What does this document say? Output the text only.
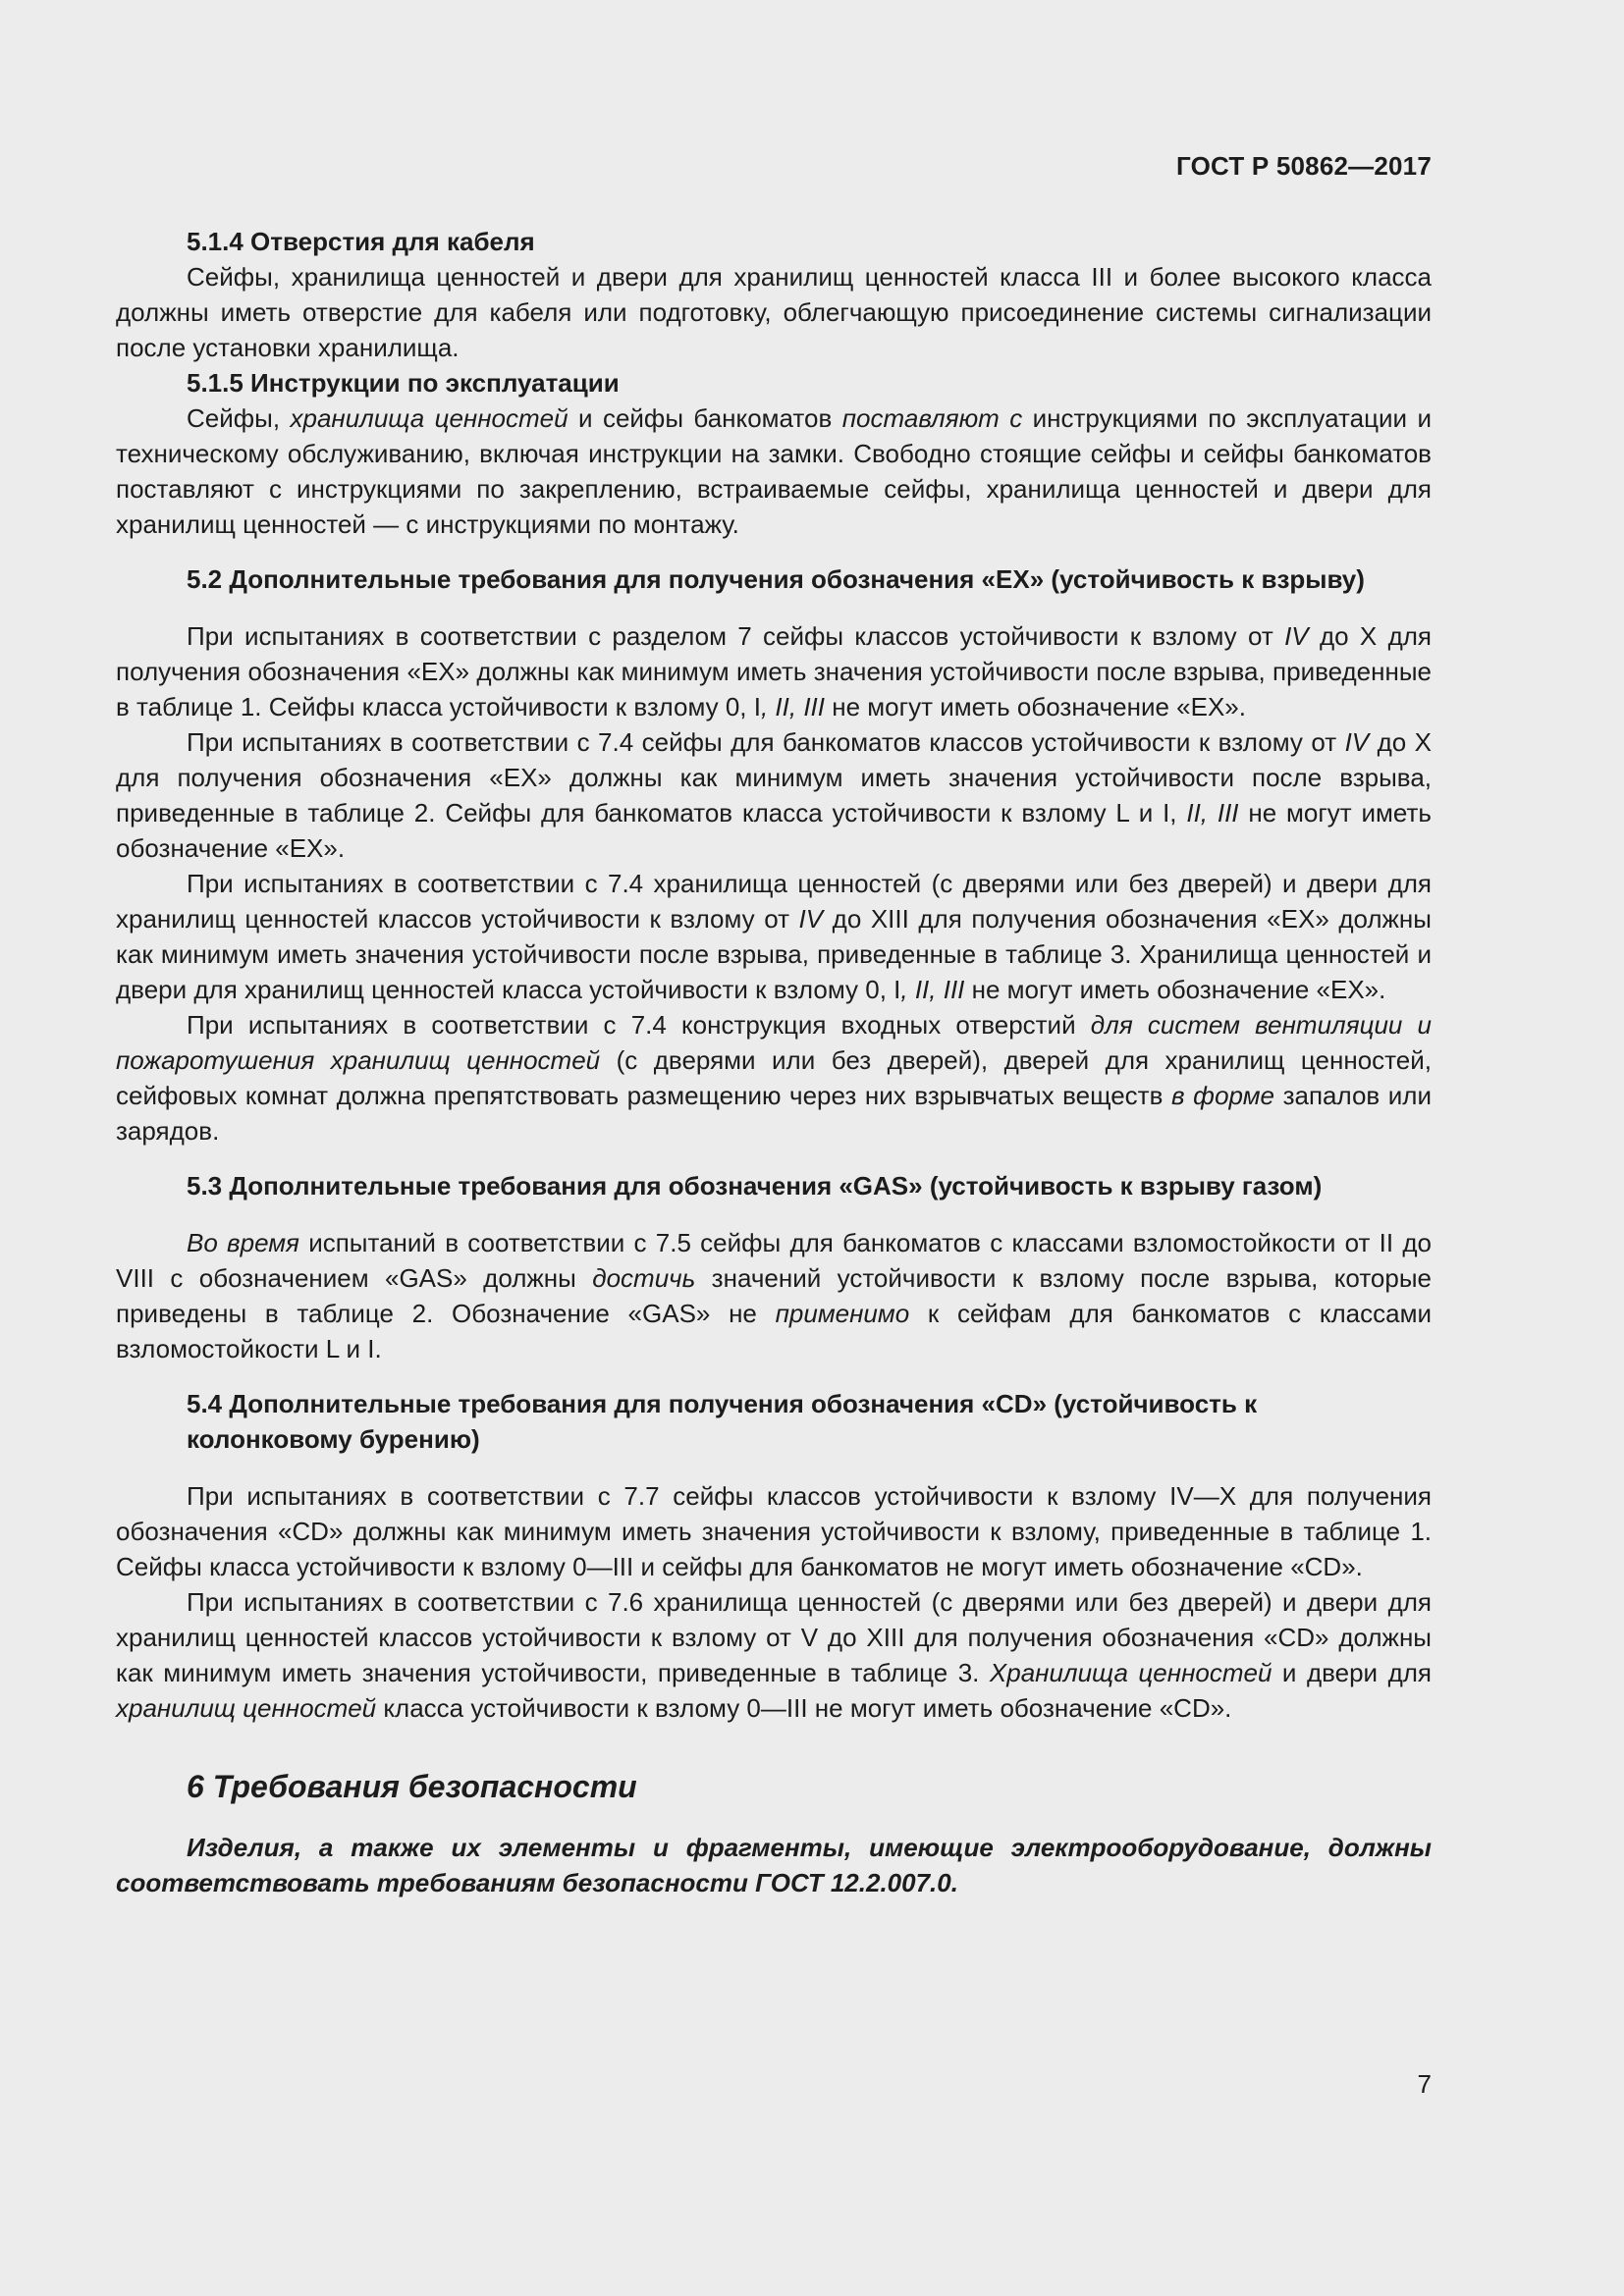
ГОСТ Р 50862—2017

5.1.4 Отверстия для кабеля

Сейфы, хранилища ценностей и двери для хранилищ ценностей класса III и более высокого класса должны иметь отверстие для кабеля или подготовку, облегчающую присоединение системы сигнализации после установки хранилища.

5.1.5 Инструкции по эксплуатации

Сейфы, хранилища ценностей и сейфы банкоматов поставляют с инструкциями по эксплуатации и техническому обслуживанию, включая инструкции на замки. Свободно стоящие сейфы и сейфы банкоматов поставляют с инструкциями по закреплению, встраиваемые сейфы, хранилища ценностей и двери для хранилищ ценностей — с инструкциями по монтажу.

5.2 Дополнительные требования для получения обозначения «EX» (устойчивость к взрыву)

При испытаниях в соответствии с разделом 7 сейфы классов устойчивости к взлому от IV до X для получения обозначения «EX» должны как минимум иметь значения устойчивости после взрыва, приведенные в таблице 1. Сейфы класса устойчивости к взлому 0, I, II, III не могут иметь обозначение «EX».

При испытаниях в соответствии с 7.4 сейфы для банкоматов классов устойчивости к взлому от IV до X для получения обозначения «EX» должны как минимум иметь значения устойчивости после взрыва, приведенные в таблице 2. Сейфы для банкоматов класса устойчивости к взлому L и I, II, III не могут иметь обозначение «EX».

При испытаниях в соответствии с 7.4 хранилища ценностей (с дверями или без дверей) и двери для хранилищ ценностей классов устойчивости к взлому от IV до XIII для получения обозначения «EX» должны как минимум иметь значения устойчивости после взрыва, приведенные в таблице 3. Хранилища ценностей и двери для хранилищ ценностей класса устойчивости к взлому 0, I, II, III не могут иметь обозначение «EX».

При испытаниях в соответствии с 7.4 конструкция входных отверстий для систем вентиляции и пожаротушения хранилищ ценностей (с дверями или без дверей), дверей для хранилищ ценностей, сейфовых комнат должна препятствовать размещению через них взрывчатых веществ в форме запалов или зарядов.

5.3 Дополнительные требования для обозначения «GAS» (устойчивость к взрыву газом)

Во время испытаний в соответствии с 7.5 сейфы для банкоматов с классами взломостойкости от II до VIII с обозначением «GAS» должны достичь значений устойчивости к взлому после взрыва, которые приведены в таблице 2. Обозначение «GAS» не применимо к сейфам для банкоматов с классами взломостойкости L и I.

5.4 Дополнительные требования для получения обозначения «CD» (устойчивость к колонковому бурению)

При испытаниях в соответствии с 7.7 сейфы классов устойчивости к взлому IV—X для получения обозначения «CD» должны как минимум иметь значения устойчивости к взлому, приведенные в таблице 1. Сейфы класса устойчивости к взлому 0—III и сейфы для банкоматов не могут иметь обозначение «CD».

При испытаниях в соответствии с 7.6 хранилища ценностей (с дверями или без дверей) и двери для хранилищ ценностей классов устойчивости к взлому от V до XIII для получения обозначения «CD» должны как минимум иметь значения устойчивости, приведенные в таблице 3. Хранилища ценностей и двери для хранилищ ценностей класса устойчивости к взлому 0—III не могут иметь обозначение «CD».

6 Требования безопасности

Изделия, а также их элементы и фрагменты, имеющие электрооборудование, должны соответствовать требованиям безопасности ГОСТ 12.2.007.0.

7
